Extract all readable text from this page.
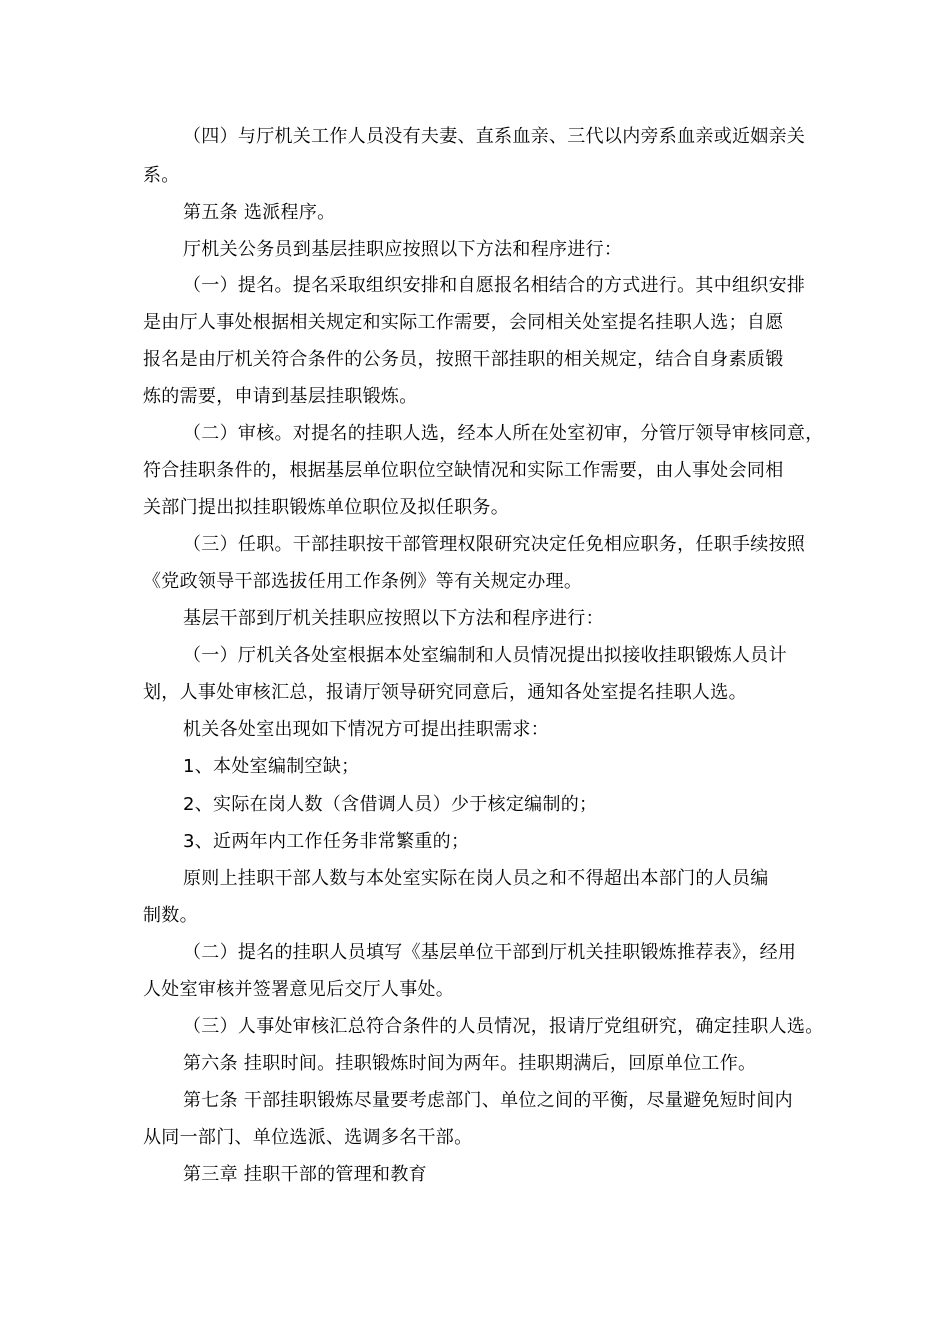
（四）与厅机关工作人员没有夫妻、直系血亲、三代以内旁系血亲或近姻亲关
系。
第五条 选派程序。
厅机关公务员到基层挂职应按照以下方法和程序进行：
（一）提名。提名采取组织安排和自愿报名相结合的方式进行。其中组织安排
是由厅人事处根据相关规定和实际工作需要，会同相关处室提名挂职人选；自愿
报名是由厅机关符合条件的公务员，按照干部挂职的相关规定，结合自身素质锻
炼的需要，申请到基层挂职锻炼。
（二）审核。对提名的挂职人选，经本人所在处室初审，分管厅领导审核同意，
符合挂职条件的，根据基层单位职位空缺情况和实际工作需要，由人事处会同相
关部门提出拟挂职锻炼单位职位及拟任职务。
（三）任职。干部挂职按干部管理权限研究决定任免相应职务，任职手续按照
《党政领导干部选拔任用工作条例》等有关规定办理。
基层干部到厅机关挂职应按照以下方法和程序进行：
（一）厅机关各处室根据本处室编制和人员情况提出拟接收挂职锻炼人员计
划，人事处审核汇总，报请厅领导研究同意后，通知各处室提名挂职人选。
机关各处室出现如下情况方可提出挂职需求：
1、本处室编制空缺；
2、实际在岗人数（含借调人员）少于核定编制的；
3、近两年内工作任务非常繁重的；
原则上挂职干部人数与本处室实际在岗人员之和不得超出本部门的人员编
制数。
（二）提名的挂职人员填写《基层单位干部到厅机关挂职锻炼推荐表》，经用
人处室审核并签署意见后交厅人事处。
（三）人事处审核汇总符合条件的人员情况，报请厅党组研究，确定挂职人选。
第六条 挂职时间。挂职锻炼时间为两年。挂职期满后，回原单位工作。
第七条 干部挂职锻炼尽量要考虑部门、单位之间的平衡，尽量避免短时间内
从同一部门、单位选派、选调多名干部。
第三章 挂职干部的管理和教育
